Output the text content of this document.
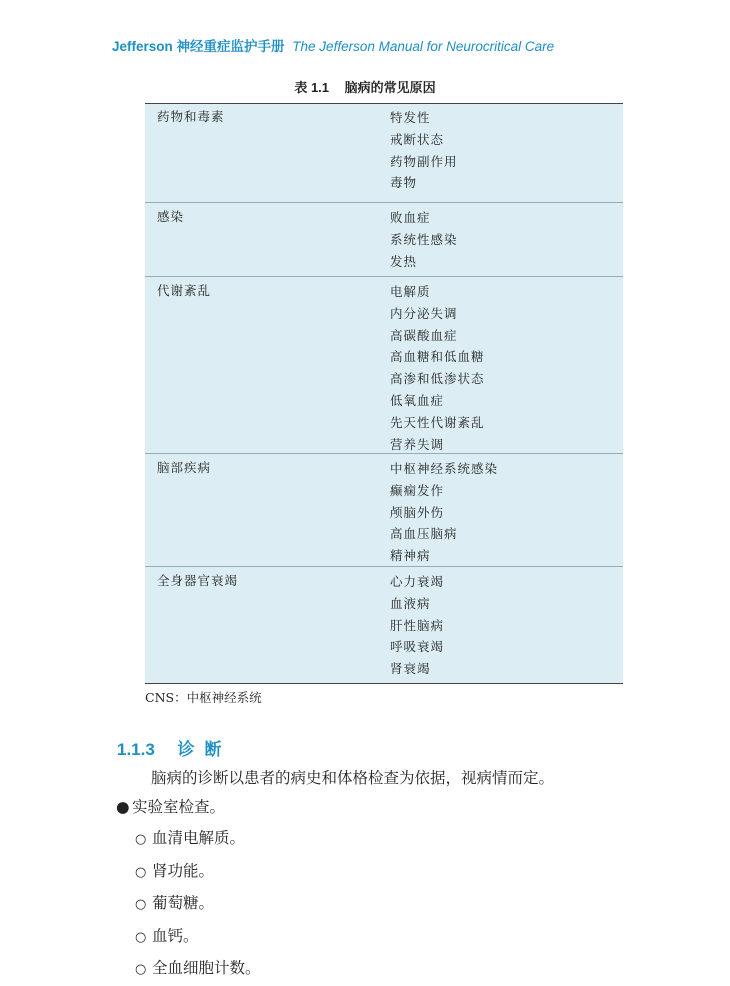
Jefferson 神经重症监护手册 The Jefferson Manual for Neurocritical Care
表 1.1 脑病的常见原因
药物和毒素	特发性
戒断状态
药物副作用
毒物
感染	败血症
系统性感染
发热
代谢紊乱	电解质
内分泌失调
高碳酸血症
高血糖和低血糖
高渗和低渗状态
低氧血症
先天性代谢紊乱
营养失调
脑部疾病	中枢神经系统感染
癫痫发作
颅脑外伤
高血压脑病
精神病
全身器官衰竭	心力衰竭
血液病
肝性脑病
呼吸衰竭
肾衰竭
CNS：中枢神经系统
1.1.3 诊断
脑病的诊断以患者的病史和体格检查为依据，视病情而定。
● 实验室检查。
○ 血清电解质。
○ 肾功能。
○ 葡萄糖。
○ 血钙。
○ 全血细胞计数。
